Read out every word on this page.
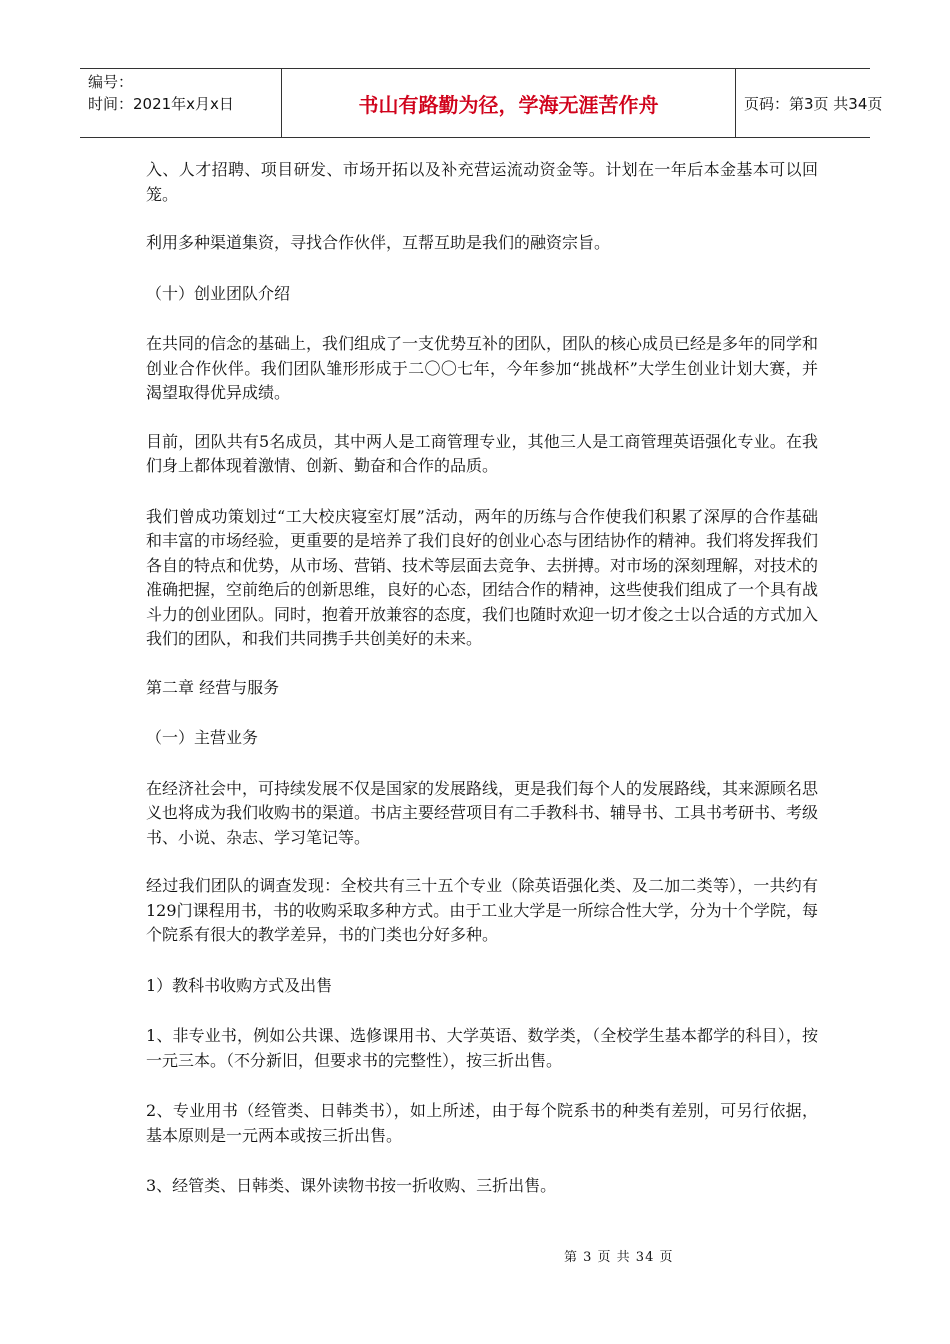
编号：
时间：2021年x月x日	书山有路勤为径，学海无涯苦作舟	页码：第3页 共34页

入、人才招聘、项目研发、市场开拓以及补充营运流动资金等。计划在一年后本金基本可以回笼。

利用多种渠道集资，寻找合作伙伴，互帮互助是我们的融资宗旨。

（十）创业团队介绍

在共同的信念的基础上，我们组成了一支优势互补的团队，团队的核心成员已经是多年的同学和创业合作伙伴。我们团队雏形形成于二〇〇七年，今年参加“挑战杯”大学生创业计划大赛，并渴望取得优异成绩。

目前，团队共有5名成员，其中两人是工商管理专业，其他三人是工商管理英语强化专业。在我们身上都体现着激情、创新、勤奋和合作的品质。

我们曾成功策划过“工大校庆寝室灯展”活动，两年的历练与合作使我们积累了深厚的合作基础和丰富的市场经验，更重要的是培养了我们良好的创业心态与团结协作的精神。我们将发挥我们各自的特点和优势，从市场、营销、技术等层面去竞争、去拼搏。对市场的深刻理解，对技术的准确把握，空前绝后的创新思维，良好的心态，团结合作的精神，这些使我们组成了一个具有战斗力的创业团队。同时，抱着开放兼容的态度，我们也随时欢迎一切才俊之士以合适的方式加入我们的团队，和我们共同携手共创美好的未来。

第二章 经营与服务

（一）主营业务

在经济社会中，可持续发展不仅是国家的发展路线，更是我们每个人的发展路线，其来源顾名思义也将成为我们收购书的渠道。书店主要经营项目有二手教科书、辅导书、工具书考研书、考级书、小说、杂志、学习笔记等。

经过我们团队的调查发现：全校共有三十五个专业（除英语强化类、及二加二类等），一共约有129门课程用书，书的收购采取多种方式。由于工业大学是一所综合性大学，分为十个学院，每个院系有很大的教学差异，书的门类也分好多种。

1）教科书收购方式及出售

1、非专业书，例如公共课、选修课用书、大学英语、数学类，（全校学生基本都学的科目），按一元三本。（不分新旧，但要求书的完整性），按三折出售。

2、专业用书（经管类、日韩类书），如上所述，由于每个院系书的种类有差别，可另行依据，基本原则是一元两本或按三折出售。

3、经管类、日韩类、课外读物书按一折收购、三折出售。

第 3 页 共 34 页
